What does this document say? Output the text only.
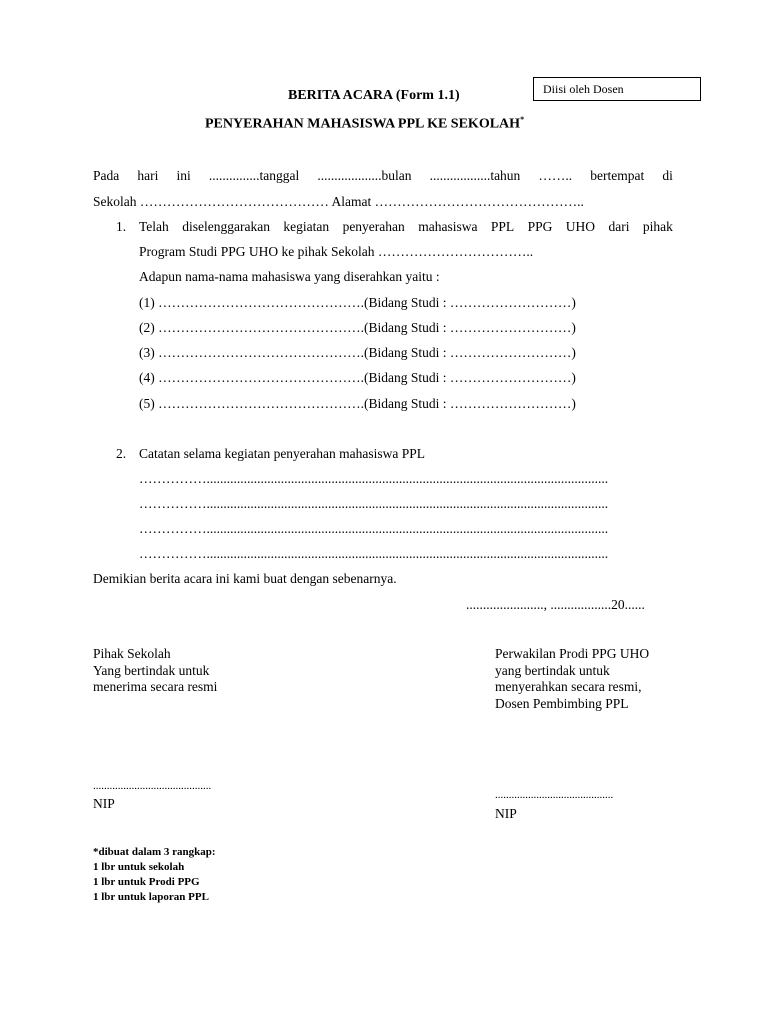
Diisi oleh Dosen
BERITA ACARA (Form 1.1)
PENYERAHAN MAHASISWA PPL KE SEKOLAH*
Pada hari ini ...............tanggal ...................bulan ..................tahun …….. bertempat di
Sekolah …………………………………… Alamat ………………………………………..
1. Telah diselenggarakan kegiatan penyerahan mahasiswa PPL PPG UHO dari pihak
Program Studi PPG UHO ke pihak Sekolah ……………………………..
Adapun nama-nama mahasiswa yang diserahkan yaitu :
(1) ……………………………………….(Bidang Studi : ………………………)
(2) ……………………………………….(Bidang Studi : ………………………)
(3) ……………………………………….(Bidang Studi : ………………………)
(4) ……………………………………….(Bidang Studi : ………………………)
(5) ……………………………………….(Bidang Studi : ………………………)
2. Catatan selama kegiatan penyerahan mahasiswa PPL
…………….......................................................................................................................
…………….......................................................................................................................
…………….......................................................................................................................
…………….......................................................................................................................
Demikian berita acara ini kami buat dengan sebenarnya.
......................., ..................20......
Pihak Sekolah
Yang bertindak untuk
menerima secara resmi
...........................................
NIP
Perwakilan Prodi PPG UHO
yang bertindak untuk
menyerahkan secara resmi,
Dosen Pembimbing PPL
...........................................
NIP
*dibuat dalam 3 rangkap:
1 lbr untuk sekolah
1 lbr untuk Prodi PPG
1 lbr untuk laporan PPL
